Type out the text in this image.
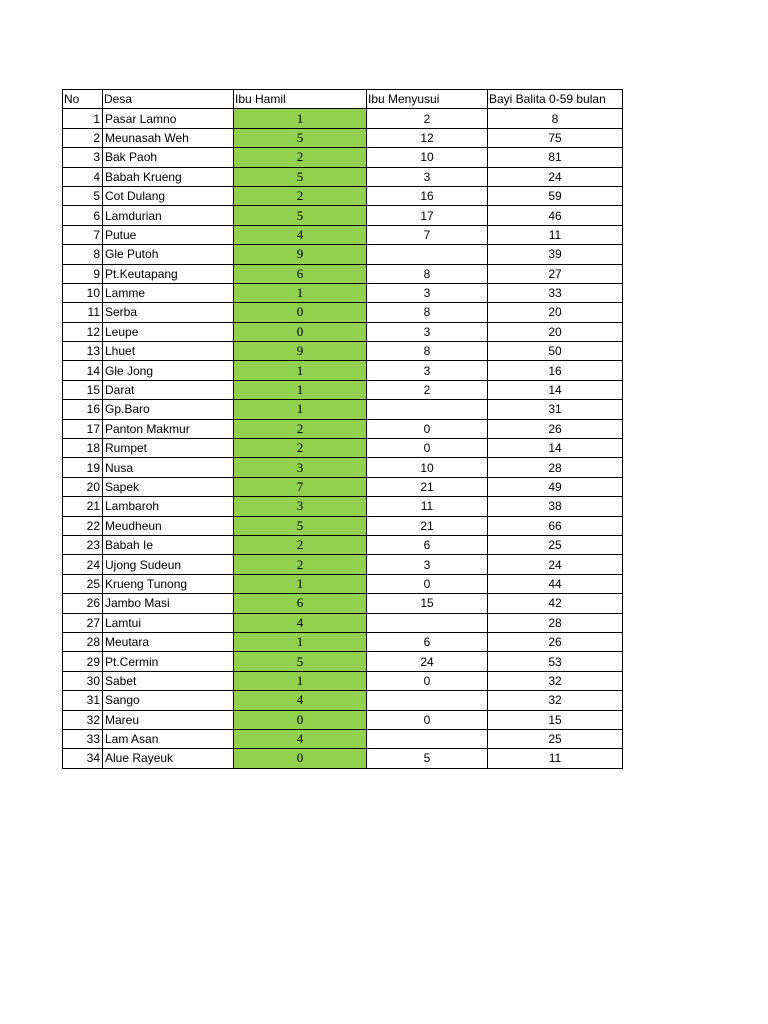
No	Desa	Ibu Hamil	Ibu Menyusui	Bayi Balita 0-59 bulan
1	Pasar Lamno	1	2	8
2	Meunasah Weh	5	12	75
3	Bak Paoh	2	10	81
4	Babah Krueng	5	3	24
5	Cot Dulang	2	16	59
6	Lamdurian	5	17	46
7	Putue	4	7	11
8	Gle Putoh	9		39
9	Pt.Keutapang	6	8	27
10	Lamme	1	3	33
11	Serba	0	8	20
12	Leupe	0	3	20
13	Lhuet	9	8	50
14	Gle Jong	1	3	16
15	Darat	1	2	14
16	Gp.Baro	1		31
17	Panton Makmur	2	0	26
18	Rumpet	2	0	14
19	Nusa	3	10	28
20	Sapek	7	21	49
21	Lambaroh	3	11	38
22	Meudheun	5	21	66
23	Babah Ie	2	6	25
24	Ujong Sudeun	2	3	24
25	Krueng Tunong	1	0	44
26	Jambo Masi	6	15	42
27	Lamtui	4		28
28	Meutara	1	6	26
29	Pt.Cermin	5	24	53
30	Sabet	1	0	32
31	Sango	4		32
32	Mareu	0	0	15
33	Lam Asan	4		25
34	Alue Rayeuk	0	5	11
